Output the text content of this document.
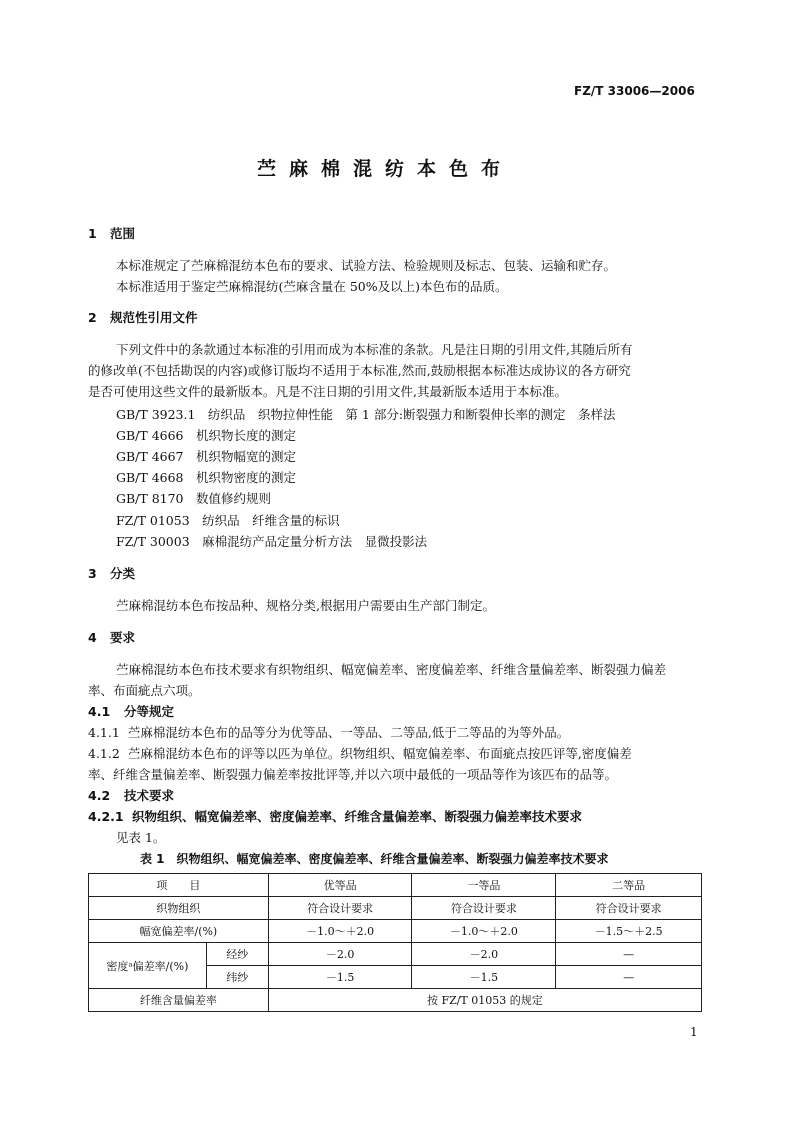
FZ/T 33006—2006
苎麻棉混纺本色布
1 范围
本标准规定了苎麻棉混纺本色布的要求、试验方法、检验规则及标志、包装、运输和贮存。
本标准适用于鉴定苎麻棉混纺(苎麻含量在 50%及以上)本色布的品质。
2 规范性引用文件
下列文件中的条款通过本标准的引用而成为本标准的条款。凡是注日期的引用文件,其随后所有
的修改单(不包括勘误的内容)或修订版均不适用于本标准,然而,鼓励根据本标准达成协议的各方研究
是否可使用这些文件的最新版本。凡是不注日期的引用文件,其最新版本适用于本标准。
GB/T 3923.1　纺织品　织物拉伸性能　第 1 部分:断裂强力和断裂伸长率的测定　条样法
GB/T 4666　机织物长度的测定
GB/T 4667　机织物幅宽的测定
GB/T 4668　机织物密度的测定
GB/T 8170　数值修约规则
FZ/T 01053　纺织品　纤维含量的标识
FZ/T 30003　麻棉混纺产品定量分析方法　显微投影法
3 分类
苎麻棉混纺本色布按品种、规格分类,根据用户需要由生产部门制定。
4 要求
苎麻棉混纺本色布技术要求有织物组织、幅宽偏差率、密度偏差率、纤维含量偏差率、断裂强力偏差
率、布面疵点六项。
4.1 分等规定
4.1.1 苎麻棉混纺本色布的品等分为优等品、一等品、二等品,低于二等品的为等外品。
4.1.2 苎麻棉混纺本色布的评等以匹为单位。织物组织、幅宽偏差率、布面疵点按匹评等,密度偏差
率、纤维含量偏差率、断裂强力偏差率按批评等,并以六项中最低的一项品等作为该匹布的品等。
4.2 技术要求
4.2.1 织物组织、幅宽偏差率、密度偏差率、纤维含量偏差率、断裂强力偏差率技术要求
见表 1。
表 1　织物组织、幅宽偏差率、密度偏差率、纤维含量偏差率、断裂强力偏差率技术要求
项　　目		优等品	一等品	二等品
织物组织		符合设计要求	符合设计要求	符合设计要求
幅宽偏差率/(%)		－1.0～＋2.0	－1.0～＋2.0	－1.5～＋2.5
密度ᵃ偏差率/(%)	经纱	－2.0	－2.0	—
	纬纱	－1.5	－1.5	—
纤维含量偏差率		按 FZ/T 01053 的规定		
1
